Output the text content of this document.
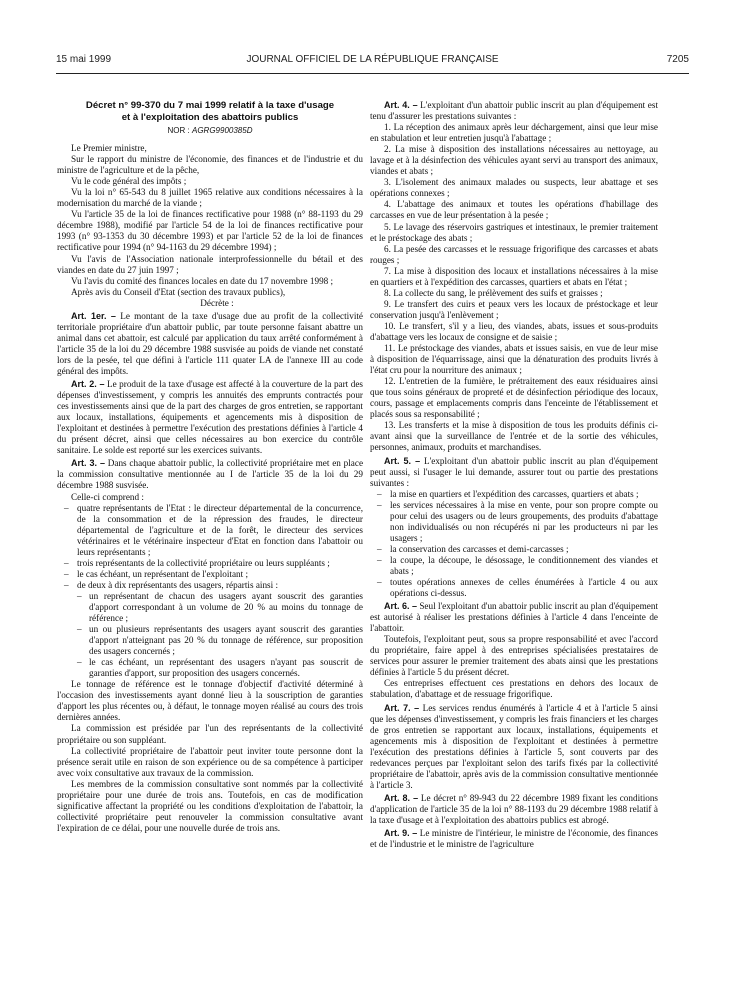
15 mai 1999	JOURNAL OFFICIEL DE LA RÉPUBLIQUE FRANÇAISE	7205
Décret n° 99-370 du 7 mai 1999 relatif à la taxe d'usage
et à l'exploitation des abattoirs publics
NOR : AGRG9900385D

Le Premier ministre,

Sur le rapport du ministre de l'économie, des finances et de l'industrie et du ministre de l'agriculture et de la pêche,

Vu le code général des impôts ;

Vu la loi n° 65-543 du 8 juillet 1965 relative aux conditions nécessaires à la modernisation du marché de la viande ;

Vu l'article 35 de la loi de finances rectificative pour 1988 (n° 88-1193 du 29 décembre 1988), modifié par l'article 54 de la loi de finances rectificative pour 1993 (n° 93-1353 du 30 décembre 1993) et par l'article 52 de la loi de finances rectificative pour 1994 (n° 94-1163 du 29 décembre 1994) ;

Vu l'avis de l'Association nationale interprofessionnelle du bétail et des viandes en date du 27 juin 1997 ;

Vu l'avis du comité des finances locales en date du 17 novembre 1998 ;

Après avis du Conseil d'Etat (section des travaux publics),

Décrète :

Art. 1er. – Le montant de la taxe d'usage due au profit de la collectivité territoriale propriétaire d'un abattoir public, par toute personne faisant abattre un animal dans cet abattoir, est calculé par application du taux arrêté conformément à l'article 35 de la loi du 29 décembre 1988 susvisée au poids de viande net constaté lors de la pesée, tel que défini à l'article 111 quater LA de l'annexe III au code général des impôts.

Art. 2. – Le produit de la taxe d'usage est affecté à la couverture de la part des dépenses d'investissement, y compris les annuités des emprunts contractés pour ces investissements ainsi que de la part des charges de gros entretien, se rapportant aux locaux, installations, équipements et agencements mis à disposition de l'exploitant et destinées à permettre l'exécution des prestations définies à l'article 4 du présent décret, ainsi que celles nécessaires au bon exercice du contrôle sanitaire. Le solde est reporté sur les exercices suivants.

Art. 3. – Dans chaque abattoir public, la collectivité propriétaire met en place la commission consultative mentionnée au I de l'article 35 de la loi du 29 décembre 1988 susvisée.

Celle-ci comprend :

– quatre représentants de l'Etat : le directeur départemental de la concurrence, de la consommation et de la répression des fraudes, le directeur départemental de l'agriculture et de la forêt, le directeur des services vétérinaires et le vétérinaire inspecteur d'Etat en fonction dans l'abattoir ou leurs représentants ;
– trois représentants de la collectivité propriétaire ou leurs suppléants ;
– le cas échéant, un représentant de l'exploitant ;
– de deux à dix représentants des usagers, répartis ainsi :
– un représentant de chacun des usagers ayant souscrit des garanties d'apport correspondant à un volume de 20 % au moins du tonnage de référence ;
– un ou plusieurs représentants des usagers ayant souscrit des garanties d'apport n'atteignant pas 20 % du tonnage de référence, sur proposition des usagers concernés ;
– le cas échéant, un représentant des usagers n'ayant pas souscrit de garanties d'apport, sur proposition des usagers concernés.

Le tonnage de référence est le tonnage d'objectif d'activité déterminé à l'occasion des investissements ayant donné lieu à la souscription de garanties d'apport les plus récentes ou, à défaut, le tonnage moyen réalisé au cours des trois dernières années.

La commission est présidée par l'un des représentants de la collectivité propriétaire ou son suppléant.

La collectivité propriétaire de l'abattoir peut inviter toute personne dont la présence serait utile en raison de son expérience ou de sa compétence à participer avec voix consultative aux travaux de la commission.

Les membres de la commission consultative sont nommés par la collectivité propriétaire pour une durée de trois ans. Toutefois, en cas de modification significative affectant la propriété ou les conditions d'exploitation de l'abattoir, la collectivité propriétaire peut renouveler la commission consultative avant l'expiration de ce délai, pour une nouvelle durée de trois ans.

Art. 4. – L'exploitant d'un abattoir public inscrit au plan d'équipement est tenu d'assurer les prestations suivantes :

1. La réception des animaux après leur déchargement, ainsi que leur mise en stabulation et leur entretien jusqu'à l'abattage ;

2. La mise à disposition des installations nécessaires au nettoyage, au lavage et à la désinfection des véhicules ayant servi au transport des animaux, viandes et abats ;

3. L'isolement des animaux malades ou suspects, leur abattage et ses opérations connexes ;

4. L'abattage des animaux et toutes les opérations d'habillage des carcasses en vue de leur présentation à la pesée ;

5. Le lavage des réservoirs gastriques et intestinaux, le premier traitement et le préstockage des abats ;

6. La pesée des carcasses et le ressuage frigorifique des carcasses et abats rouges ;

7. La mise à disposition des locaux et installations nécessaires à la mise en quartiers et à l'expédition des carcasses, quartiers et abats en l'état ;

8. La collecte du sang, le prélèvement des suifs et graisses ;

9. Le transfert des cuirs et peaux vers les locaux de préstockage et leur conservation jusqu'à l'enlèvement ;

10. Le transfert, s'il y a lieu, des viandes, abats, issues et sous-produits d'abattage vers les locaux de consigne et de saisie ;

11. Le préstockage des viandes, abats et issues saisis, en vue de leur mise à disposition de l'équarrissage, ainsi que la dénaturation des produits livrés à l'état cru pour la nourriture des animaux ;

12. L'entretien de la fumière, le prétraitement des eaux résiduaires ainsi que tous soins généraux de propreté et de désinfection périodique des locaux, cours, passage et emplacements compris dans l'enceinte de l'établissement et placés sous sa responsabilité ;

13. Les transferts et la mise à disposition de tous les produits définis ci-avant ainsi que la surveillance de l'entrée et de la sortie des véhicules, personnes, animaux, produits et marchandises.

Art. 5. – L'exploitant d'un abattoir public inscrit au plan d'équipement peut aussi, si l'usager le lui demande, assurer tout ou partie des prestations suivantes :

– la mise en quartiers et l'expédition des carcasses, quartiers et abats ;
– les services nécessaires à la mise en vente, pour son propre compte ou pour celui des usagers ou de leurs groupements, des produits d'abattage non individualisés ou non récupérés ni par les producteurs ni par les usagers ;
– la conservation des carcasses et demi-carcasses ;
– la coupe, la découpe, le désossage, le conditionnement des viandes et abats ;
– toutes opérations annexes de celles énumérées à l'article 4 ou aux opérations ci-dessus.

Art. 6. – Seul l'exploitant d'un abattoir public inscrit au plan d'équipement est autorisé à réaliser les prestations définies à l'article 4 dans l'enceinte de l'abattoir.

Toutefois, l'exploitant peut, sous sa propre responsabilité et avec l'accord du propriétaire, faire appel à des entreprises spécialisées prestataires de services pour assurer le premier traitement des abats ainsi que les prestations définies à l'article 5 du présent décret.

Ces entreprises effectuent ces prestations en dehors des locaux de stabulation, d'abattage et de ressuage frigorifique.

Art. 7. – Les services rendus énumérés à l'article 4 et à l'article 5 ainsi que les dépenses d'investissement, y compris les frais financiers et les charges de gros entretien se rapportant aux locaux, installations, équipements et agencements mis à disposition de l'exploitant et destinées à permettre l'exécution des prestations définies à l'article 5, sont couverts par des redevances perçues par l'exploitant selon des tarifs fixés par la collectivité propriétaire de l'abattoir, après avis de la commission consultative mentionnée à l'article 3.

Art. 8. – Le décret n° 89-943 du 22 décembre 1989 fixant les conditions d'application de l'article 35 de la loi n° 88-1193 du 29 décembre 1988 relatif à la taxe d'usage et à l'exploitation des abattoirs publics est abrogé.

Art. 9. – Le ministre de l'intérieur, le ministre de l'économie, des finances et de l'industrie et le ministre de l'agriculture
